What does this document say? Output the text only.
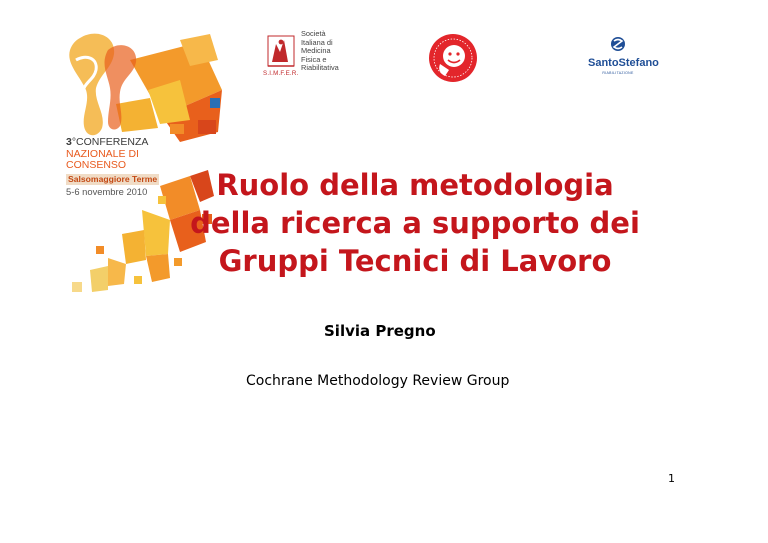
3°CONFERENZA
NAZIONALE DI
CONSENSO
Salsomaggiore Terme
5-6 novembre 2010
Società
Italiana di
Medicina
Fisica e
Riabilitativa
S.I.M.F.E.R.
SantoStefano
RIABILITAZIONE
Ruolo della metodologia
della ricerca a supporto dei
Gruppi Tecnici di Lavoro
Silvia Pregno
Cochrane Methodology Review Group
1
